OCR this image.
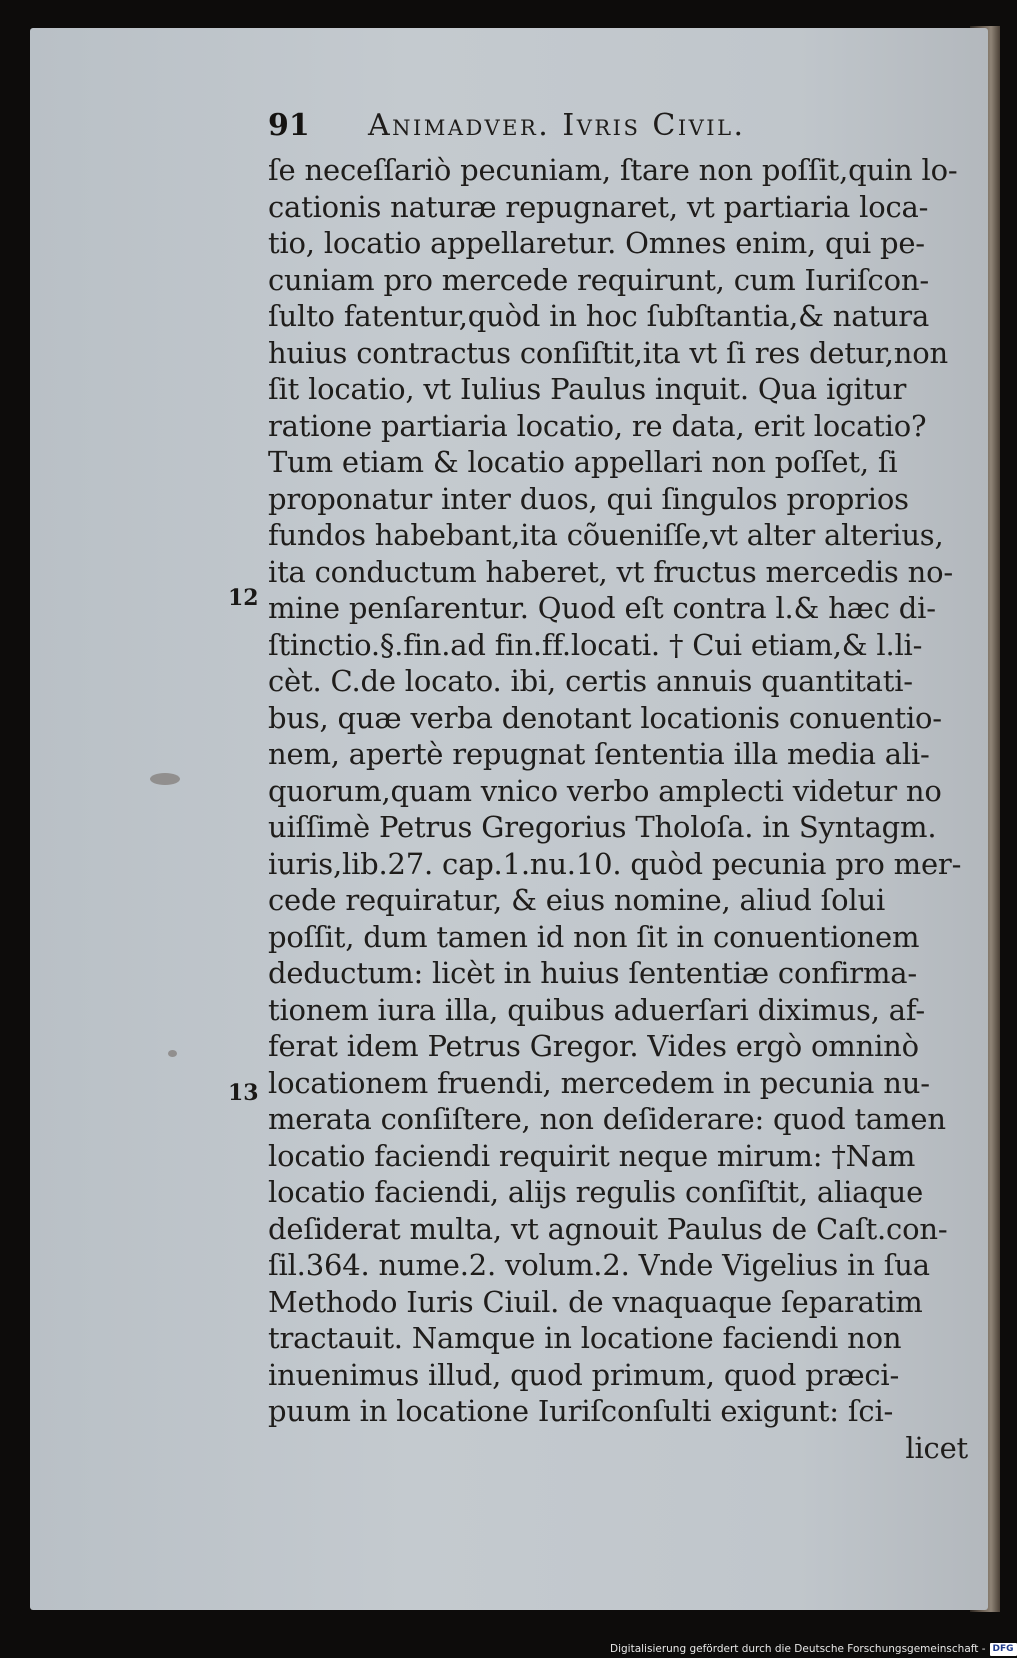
91	Animadver. Ivris Civil.
ſe neceſſariò pecuniam, ſtare non poſſit,quin lo-
cationis naturæ repugnaret, vt partiaria loca-
tio, locatio appellaretur. Omnes enim, qui pe-
cuniam pro mercede requirunt, cum Iuriſcon-
ſulto fatentur,quòd in hoc ſubſtantia,& natura
huius contractus conſiſtit,ita vt ſi res detur,non
ſit locatio, vt Iulius Paulus inquit. Qua igitur
ratione partiaria locatio, re data, erit locatio?
Tum etiam & locatio appellari non poſſet, ſi
proponatur inter duos, qui ſingulos proprios
fundos habebant,ita cõueniſſe,vt alter alterius,
ita conductum haberet, vt fructus mercedis no-
mine penſarentur. Quod eſt contra l.& hæc di-
ſtinctio.§.fin.ad fin.ff.locati. † Cui etiam,& l.li-
cèt. C.de locato. ibi, certis annuis quantitati-
bus, quæ verba denotant locationis conuentio-
nem, apertè repugnat ſententia illa media ali-
quorum,quam vnico verbo amplecti videtur no
uiſſimè Petrus Gregorius Tholoſa. in Syntagm.
iuris,lib.27. cap.1.nu.10. quòd pecunia pro mer-
cede requiratur, & eius nomine, aliud ſolui
poſſit, dum tamen id non ſit in conuentionem
deductum: licèt in huius ſententiæ confirma-
tionem iura illa, quibus aduerſari diximus, af-
ferat idem Petrus Gregor. Vides ergò omninò
locationem fruendi, mercedem in pecunia nu-
merata conſiſtere, non deſiderare: quod tamen
locatio faciendi requirit neque mirum: †Nam
locatio faciendi, alijs regulis conſiſtit, aliaque
deſiderat multa, vt agnouit Paulus de Caſt.con-
ſil.364. nume.2. volum.2. Vnde Vigelius in ſua
Methodo Iuris Ciuil. de vnaquaque ſeparatim
tractauit. Namque in locatione faciendi non
inuenimus illud, quod primum, quod præci-
puum in locatione Iuriſconſulti exigunt: ſci-
licet
12
13
Digitalisierung gefördert durch die Deutsche Forschungsgemeinschaft - DFG
